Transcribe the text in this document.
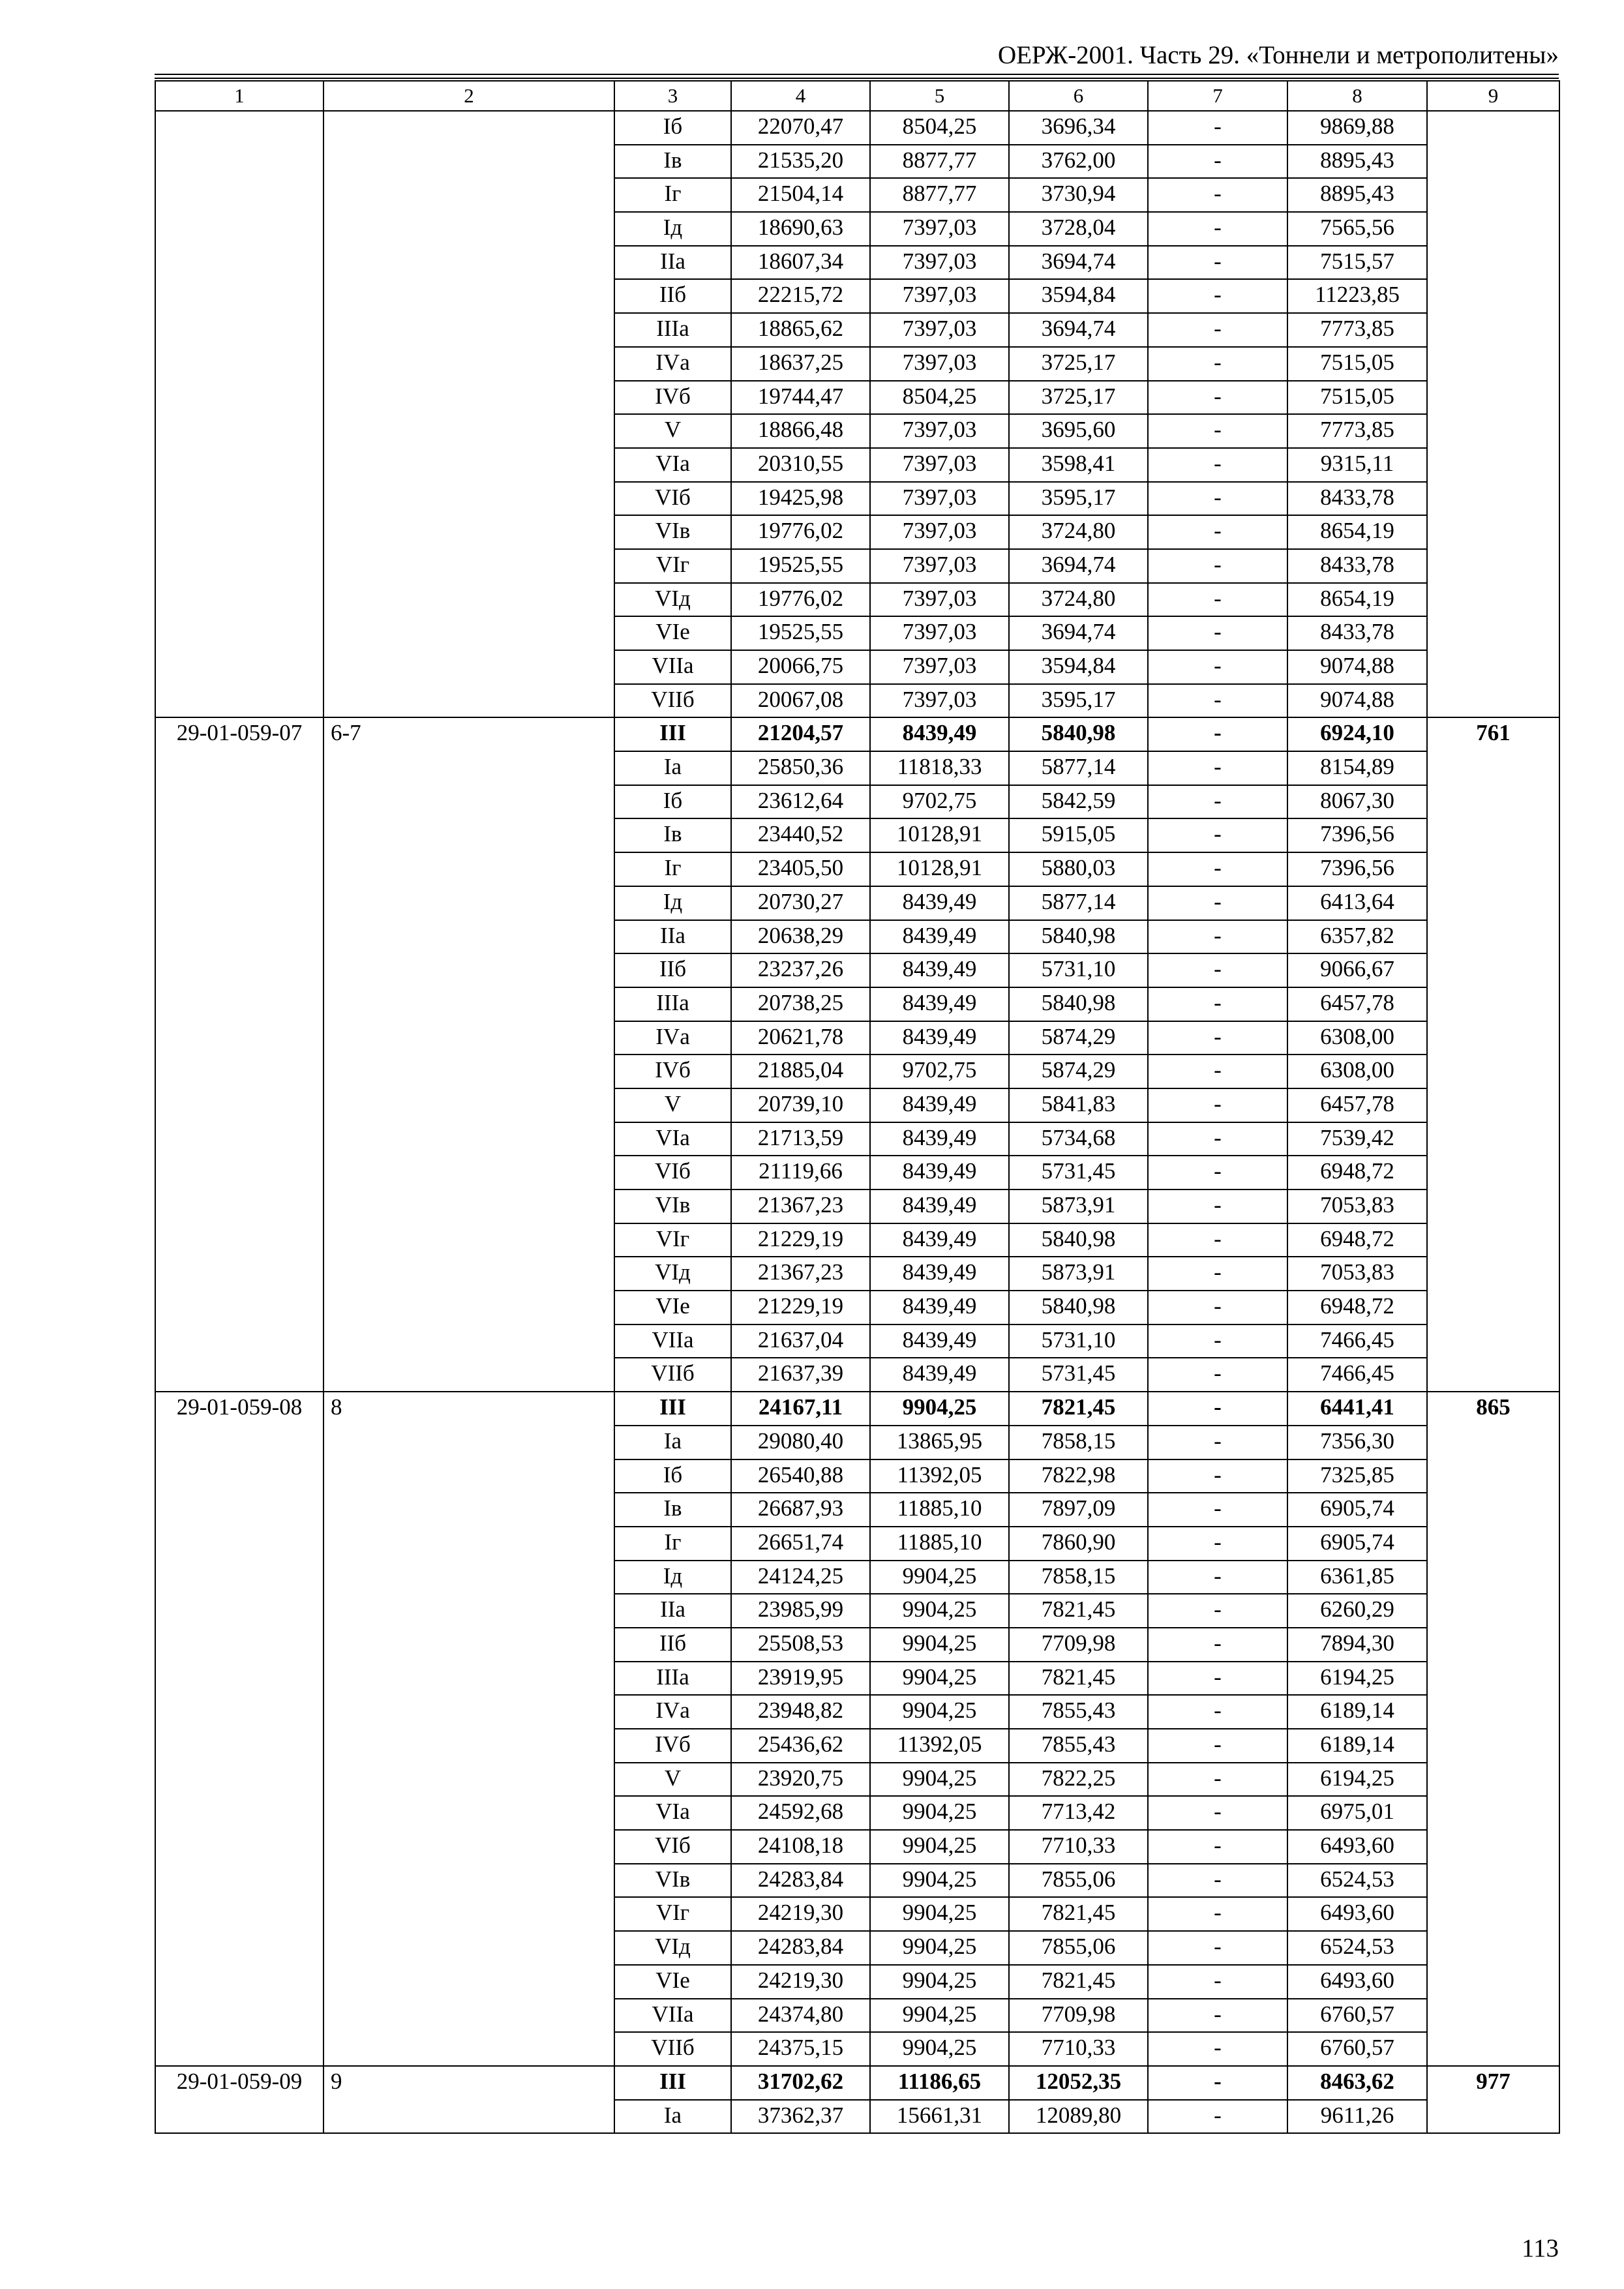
ОЕРЖ-2001. Часть 29. «Тоннели и метрополитены»
1	2	3	4	5	6	7	8	9
		Iб	22070,47	8504,25	3696,34	-	9869,88	
		Iв	21535,20	8877,77	3762,00	-	8895,43	
		Iг	21504,14	8877,77	3730,94	-	8895,43	
		Iд	18690,63	7397,03	3728,04	-	7565,56	
		IIа	18607,34	7397,03	3694,74	-	7515,57	
		IIб	22215,72	7397,03	3594,84	-	11223,85	
		IIIа	18865,62	7397,03	3694,74	-	7773,85	
		IVа	18637,25	7397,03	3725,17	-	7515,05	
		IVб	19744,47	8504,25	3725,17	-	7515,05	
		V	18866,48	7397,03	3695,60	-	7773,85	
		VIа	20310,55	7397,03	3598,41	-	9315,11	
		VIб	19425,98	7397,03	3595,17	-	8433,78	
		VIв	19776,02	7397,03	3724,80	-	8654,19	
		VIг	19525,55	7397,03	3694,74	-	8433,78	
		VIд	19776,02	7397,03	3724,80	-	8654,19	
		VIе	19525,55	7397,03	3694,74	-	8433,78	
		VIIа	20066,75	7397,03	3594,84	-	9074,88	
		VIIб	20067,08	7397,03	3595,17	-	9074,88	
29-01-059-07	6-7	III	21204,57	8439,49	5840,98	-	6924,10	761
		Iа	25850,36	11818,33	5877,14	-	8154,89	
		Iб	23612,64	9702,75	5842,59	-	8067,30	
		Iв	23440,52	10128,91	5915,05	-	7396,56	
		Iг	23405,50	10128,91	5880,03	-	7396,56	
		Iд	20730,27	8439,49	5877,14	-	6413,64	
		IIа	20638,29	8439,49	5840,98	-	6357,82	
		IIб	23237,26	8439,49	5731,10	-	9066,67	
		IIIа	20738,25	8439,49	5840,98	-	6457,78	
		IVа	20621,78	8439,49	5874,29	-	6308,00	
		IVб	21885,04	9702,75	5874,29	-	6308,00	
		V	20739,10	8439,49	5841,83	-	6457,78	
		VIа	21713,59	8439,49	5734,68	-	7539,42	
		VIб	21119,66	8439,49	5731,45	-	6948,72	
		VIв	21367,23	8439,49	5873,91	-	7053,83	
		VIг	21229,19	8439,49	5840,98	-	6948,72	
		VIд	21367,23	8439,49	5873,91	-	7053,83	
		VIе	21229,19	8439,49	5840,98	-	6948,72	
		VIIа	21637,04	8439,49	5731,10	-	7466,45	
		VIIб	21637,39	8439,49	5731,45	-	7466,45	
29-01-059-08	8	III	24167,11	9904,25	7821,45	-	6441,41	865
		Iа	29080,40	13865,95	7858,15	-	7356,30	
		Iб	26540,88	11392,05	7822,98	-	7325,85	
		Iв	26687,93	11885,10	7897,09	-	6905,74	
		Iг	26651,74	11885,10	7860,90	-	6905,74	
		Iд	24124,25	9904,25	7858,15	-	6361,85	
		IIа	23985,99	9904,25	7821,45	-	6260,29	
		IIб	25508,53	9904,25	7709,98	-	7894,30	
		IIIа	23919,95	9904,25	7821,45	-	6194,25	
		IVа	23948,82	9904,25	7855,43	-	6189,14	
		IVб	25436,62	11392,05	7855,43	-	6189,14	
		V	23920,75	9904,25	7822,25	-	6194,25	
		VIа	24592,68	9904,25	7713,42	-	6975,01	
		VIб	24108,18	9904,25	7710,33	-	6493,60	
		VIв	24283,84	9904,25	7855,06	-	6524,53	
		VIг	24219,30	9904,25	7821,45	-	6493,60	
		VIд	24283,84	9904,25	7855,06	-	6524,53	
		VIе	24219,30	9904,25	7821,45	-	6493,60	
		VIIа	24374,80	9904,25	7709,98	-	6760,57	
		VIIб	24375,15	9904,25	7710,33	-	6760,57	
29-01-059-09	9	III	31702,62	11186,65	12052,35	-	8463,62	977
		Iа	37362,37	15661,31	12089,80	-	9611,26	
113
